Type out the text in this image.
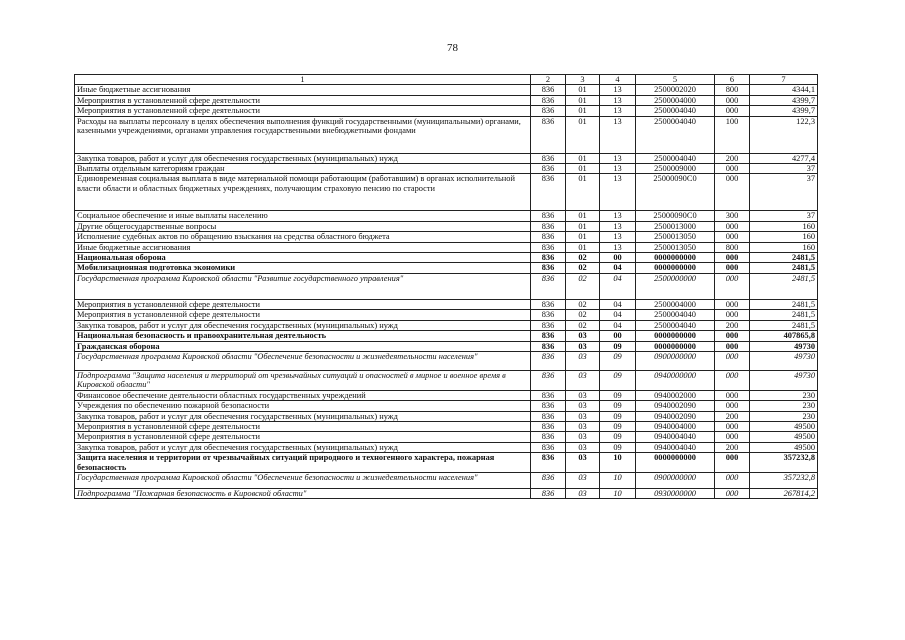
78
1	2	3	4	5	6	7
Иные бюджетные ассигнования	836	01	13	2500002020	800	4344,1
Мероприятия в установленной сфере деятельности	836	01	13	2500004000	000	4399,7
Мероприятия в установленной сфере деятельности	836	01	13	2500004040	000	4399,7
Расходы на выплаты персоналу в целях обеспечения выполнения функций государственными (муниципальными) органами, казенными учреждениями, органами управления государственными внебюджетными фондами	836	01	13	2500004040	100	122,3
Закупка товаров, работ и услуг для обеспечения государственных (муниципальных) нужд	836	01	13	2500004040	200	4277,4
Выплаты отдельным категориям граждан	836	01	13	2500009000	000	37
Единовременная социальная выплата в виде материальной помощи работающим (работавшим) в органах исполнительной власти области и областных бюджетных учреждениях, получающим страховую пенсию по старости	836	01	13	25000090С0	000	37
Социальное обеспечение и иные выплаты населению	836	01	13	25000090С0	300	37
Другие общегосударственные вопросы	836	01	13	2500013000	000	160
Исполнение судебных актов по обращению взыскания на средства областного бюджета	836	01	13	2500013050	000	160
Иные бюджетные ассигнования	836	01	13	2500013050	800	160
Национальная оборона	836	02	00	0000000000	000	2481,5
Мобилизационная подготовка экономики	836	02	04	0000000000	000	2481,5
Государственная программа Кировской области "Развитие государственного управления"	836	02	04	2500000000	000	2481,5
Мероприятия в установленной сфере деятельности	836	02	04	2500004000	000	2481,5
Мероприятия в установленной сфере деятельности	836	02	04	2500004040	000	2481,5
Закупка товаров, работ и услуг для обеспечения государственных (муниципальных) нужд	836	02	04	2500004040	200	2481,5
Национальная безопасность и правоохранительная деятельность	836	03	00	0000000000	000	407865,8
Гражданская оборона	836	03	09	0000000000	000	49730
Государственная программа Кировской области "Обеспечение безопасности и жизнедеятельности населения"	836	03	09	0900000000	000	49730
Подпрограмма "Защита населения и территорий от чрезвычайных ситуаций и опасностей в мирное и военное время в Кировской области"	836	03	09	0940000000	000	49730
Финансовое обеспечение деятельности областных государственных учреждений	836	03	09	0940002000	000	230
Учреждения по обеспечению пожарной безопасности	836	03	09	0940002090	000	230
Закупка товаров, работ и услуг для обеспечения государственных (муниципальных) нужд	836	03	09	0940002090	200	230
Мероприятия в установленной сфере деятельности	836	03	09	0940004000	000	49500
Мероприятия в установленной сфере деятельности	836	03	09	0940004040	000	49500
Закупка товаров, работ и услуг для обеспечения государственных (муниципальных) нужд	836	03	09	0940004040	200	49500
Защита населения и территории от чрезвычайных ситуаций природного и техногенного характера, пожарная безопасность	836	03	10	0000000000	000	357232,8
Государственная программа Кировской области "Обеспечение безопасности и жизнедеятельности населения"	836	03	10	0900000000	000	357232,8
Подпрограмма "Пожарная безопасность в Кировской области"	836	03	10	0930000000	000	267814,2
